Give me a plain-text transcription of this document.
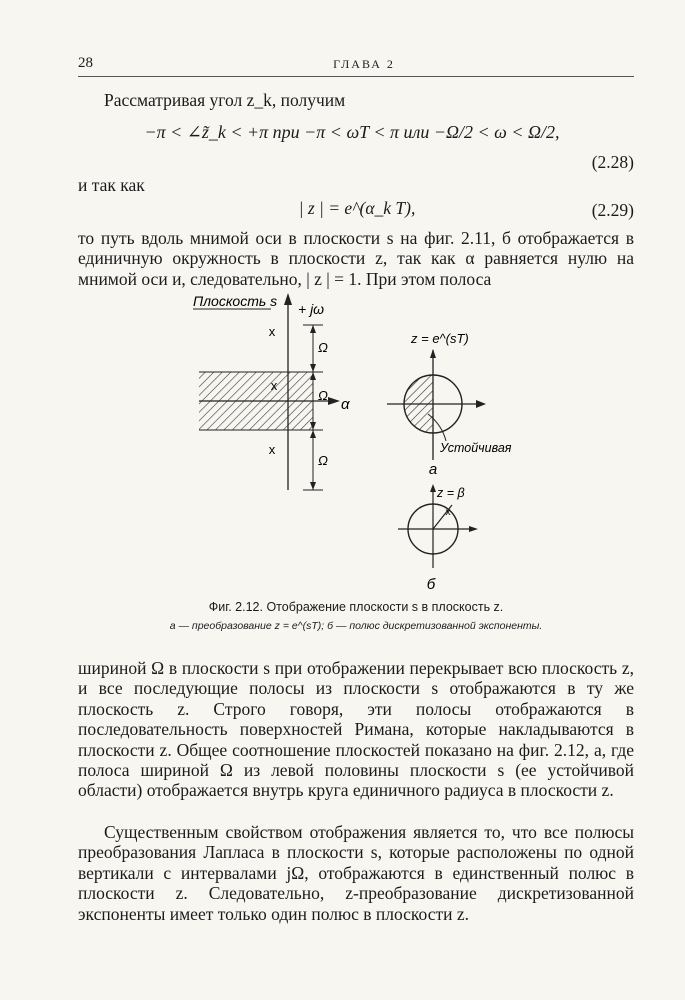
28	ГЛАВА 2
Рассматривая угол z_k, получим
−π < ∠z̃_k < +π при −π < ωT < π или −Ω/2 < ω < Ω/2,
(2.28)
и так как
| z | = e^(α_k T),	(2.29)

то путь вдоль мнимой оси в плоскости s на фиг. 2.11, б отображается в единичную окружность в плоскости z, так как α равняется нулю на мнимой оси и, следовательно, | z | = 1. При этом полоса

Плоскость s + jω
α
Ω
Ω
Ω
x
x
x
z = e^(sT)
Устойчивая
а
z = β
x
б
Фиг. 2.12. Отображение плоскости s в плоскость z.
а — преобразование z = e^(sT); б — полюс дискретизованной экспоненты.

шириной Ω в плоскости s при отображении перекрывает всю плоскость z, и все последующие полосы из плоскости s отображаются в ту же плоскость z. Строго говоря, эти полосы отображаются в последовательность поверхностей Римана, которые накладываются в плоскости z. Общее соотношение плоскостей показано на фиг. 2.12, а, где полоса шириной Ω из левой половины плоскости s (ее устойчивой области) отображается внутрь круга единичного радиуса в плоскости z.

Существенным свойством отображения является то, что все полюсы преобразования Лапласа в плоскости s, которые расположены по одной вертикали с интервалами jΩ, отображаются в единственный полюс в плоскости z. Следовательно, z-преобразование дискретизованной экспоненты имеет только один полюс в плоскости z.
